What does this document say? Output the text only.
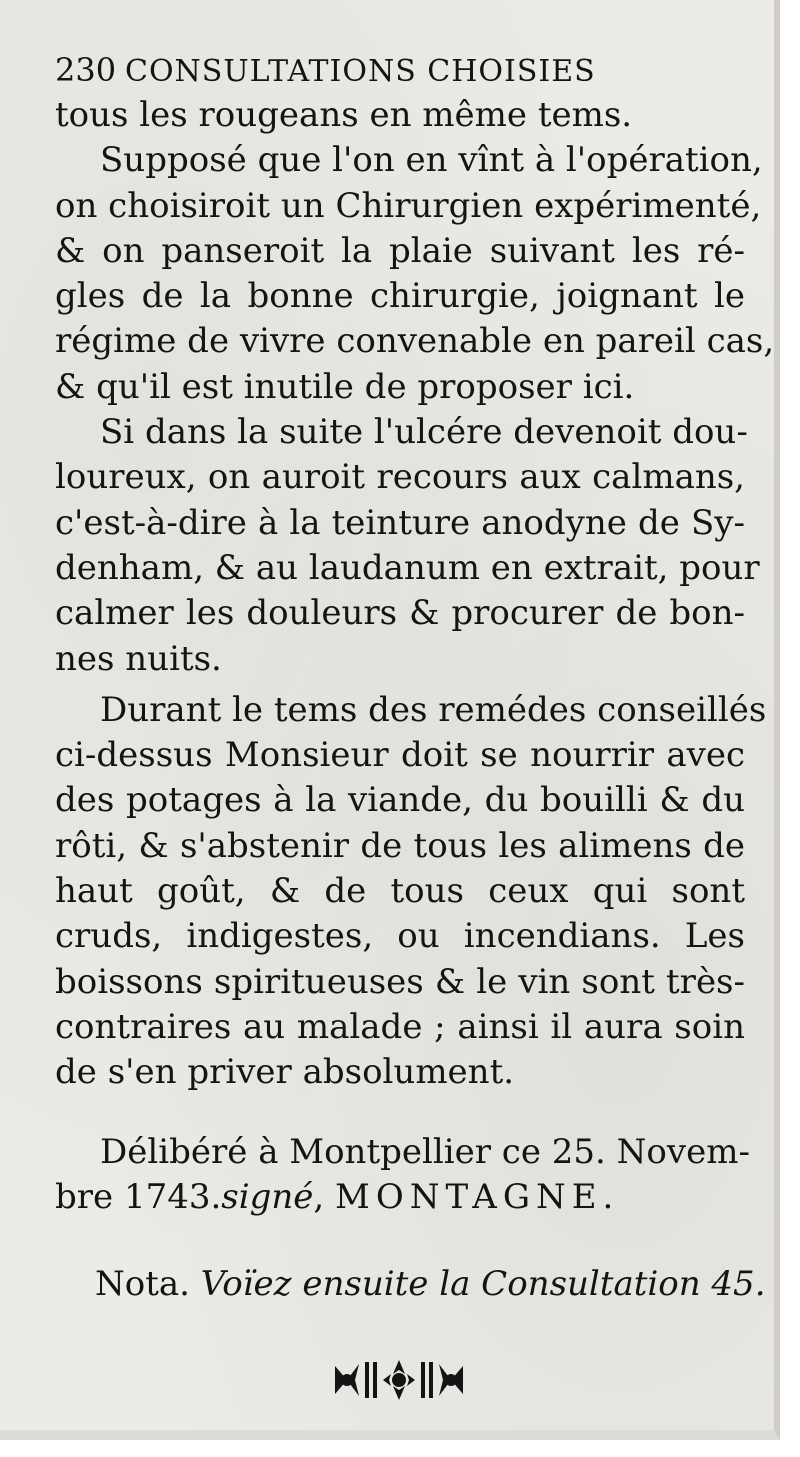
230 CONSULTATIONS CHOISIES
tous les rougeans en même tems.
Supposé que l'on en vînt à l'opération,
on choisiroit un Chirurgien expérimenté,
& on panseroit la plaie suivant les ré-
gles de la bonne chirurgie, joignant le
régime de vivre convenable en pareil cas,
& qu'il est inutile de proposer ici.
Si dans la suite l'ulcére devenoit dou-
loureux, on auroit recours aux calmans,
c'est-à-dire à la teinture anodyne de Sy-
denham, & au laudanum en extrait, pour
calmer les douleurs & procurer de bon-
nes nuits.
Durant le tems des remédes conseillés
ci-dessus Monsieur doit se nourrir avec
des potages à la viande, du bouilli & du
rôti, & s'abstenir de tous les alimens de
haut goût, & de tous ceux qui sont
cruds, indigestes, ou incendians. Les
boissons spiritueuses & le vin sont très-
contraires au malade ; ainsi il aura soin
de s'en priver absolument.
Délibéré à Montpellier ce 25. Novem-
bre 1743.signé, MONTAGNE.
Nota. Voïez ensuite la Consultation 45.
